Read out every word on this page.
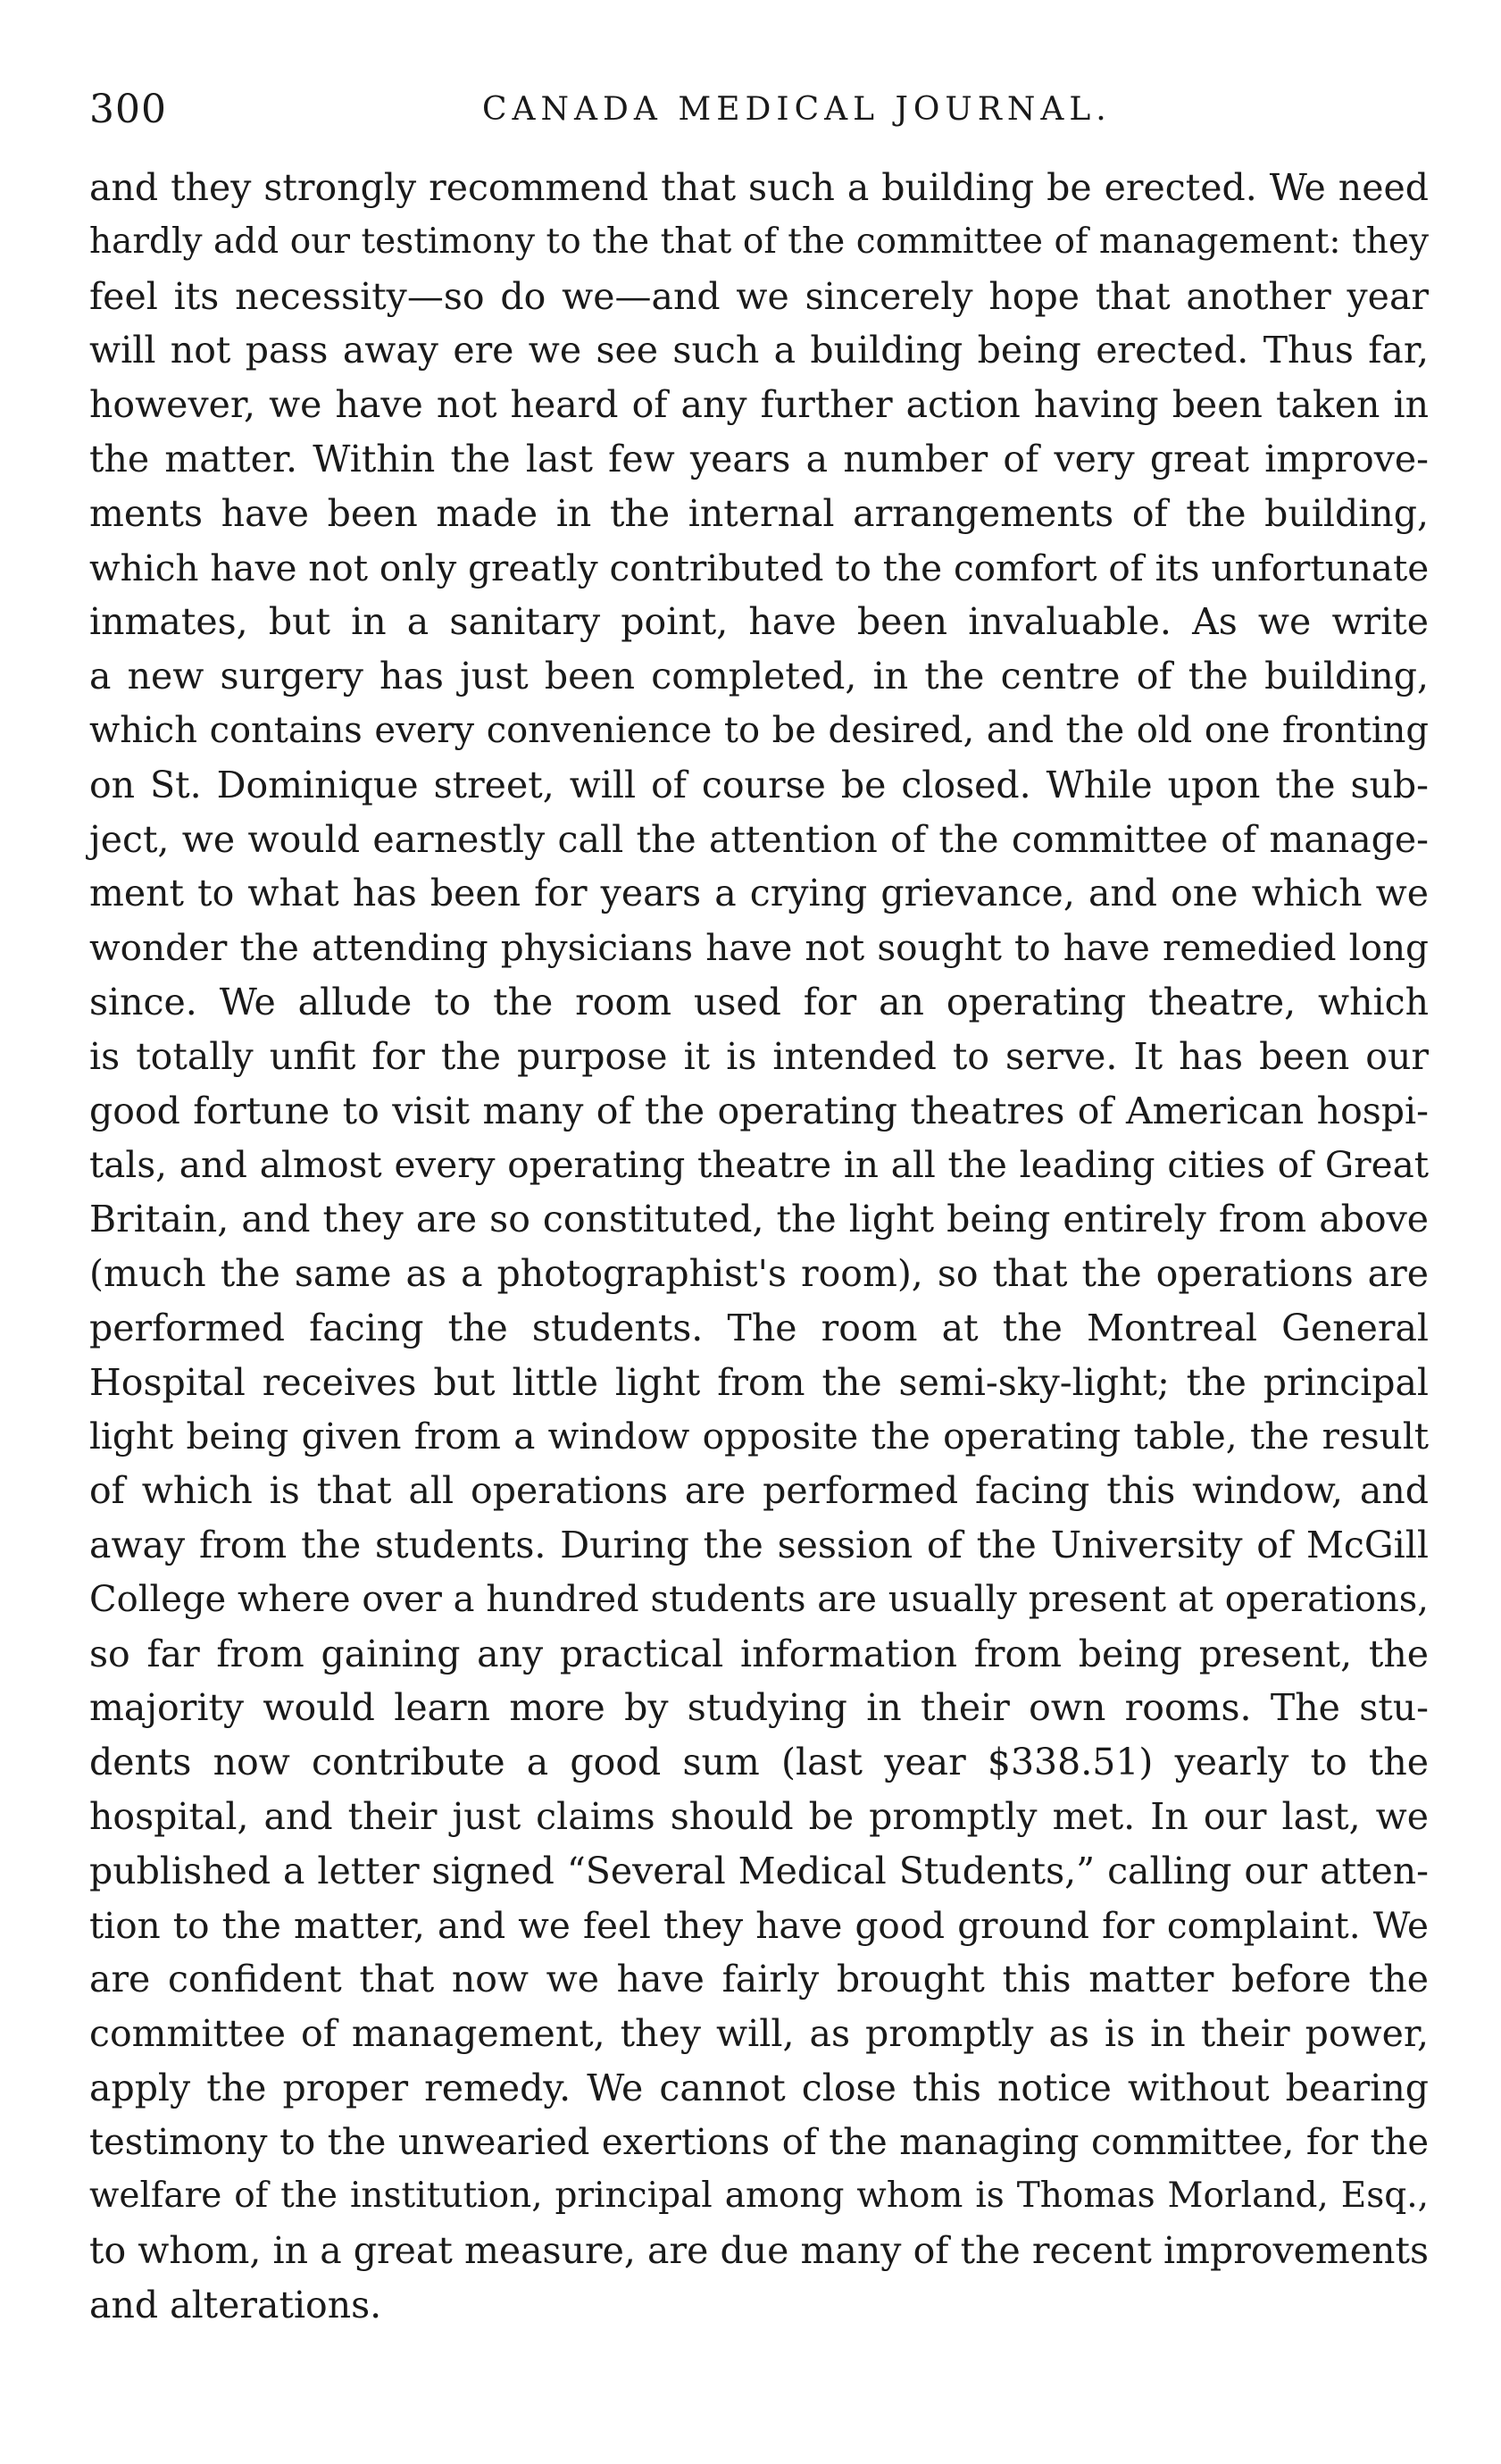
300	CANADA MEDICAL JOURNAL.
and they strongly recommend that such a building be erected. We need
hardly add our testimony to the that of the committee of management: they
feel its necessity—so do we—and we sincerely hope that another year
will not pass away ere we see such a building being erected. Thus far,
however, we have not heard of any further action having been taken in
the matter. Within the last few years a number of very great improve-
ments have been made in the internal arrangements of the building,
which have not only greatly contributed to the comfort of its unfortunate
inmates, but in a sanitary point, have been invaluable. As we write
a new surgery has just been completed, in the centre of the building,
which contains every convenience to be desired, and the old one fronting
on St. Dominique street, will of course be closed. While upon the sub-
ject, we would earnestly call the attention of the committee of manage-
ment to what has been for years a crying grievance, and one which we
wonder the attending physicians have not sought to have remedied long
since. We allude to the room used for an operating theatre, which
is totally unfit for the purpose it is intended to serve. It has been our
good fortune to visit many of the operating theatres of American hospi-
tals, and almost every operating theatre in all the leading cities of Great
Britain, and they are so constituted, the light being entirely from above
(much the same as a photographist's room), so that the operations are
performed facing the students. The room at the Montreal General
Hospital receives but little light from the semi-sky-light; the principal
light being given from a window opposite the operating table, the result
of which is that all operations are performed facing this window, and
away from the students. During the session of the University of McGill
College where over a hundred students are usually present at operations,
so far from gaining any practical information from being present, the
majority would learn more by studying in their own rooms. The stu-
dents now contribute a good sum (last year $338.51) yearly to the
hospital, and their just claims should be promptly met. In our last, we
published a letter signed “Several Medical Students,” calling our atten-
tion to the matter, and we feel they have good ground for complaint. We
are confident that now we have fairly brought this matter before the
committee of management, they will, as promptly as is in their power,
apply the proper remedy. We cannot close this notice without bearing
testimony to the unwearied exertions of the managing committee, for the
welfare of the institution, principal among whom is Thomas Morland, Esq.,
to whom, in a great measure, are due many of the recent improvements
and alterations.
